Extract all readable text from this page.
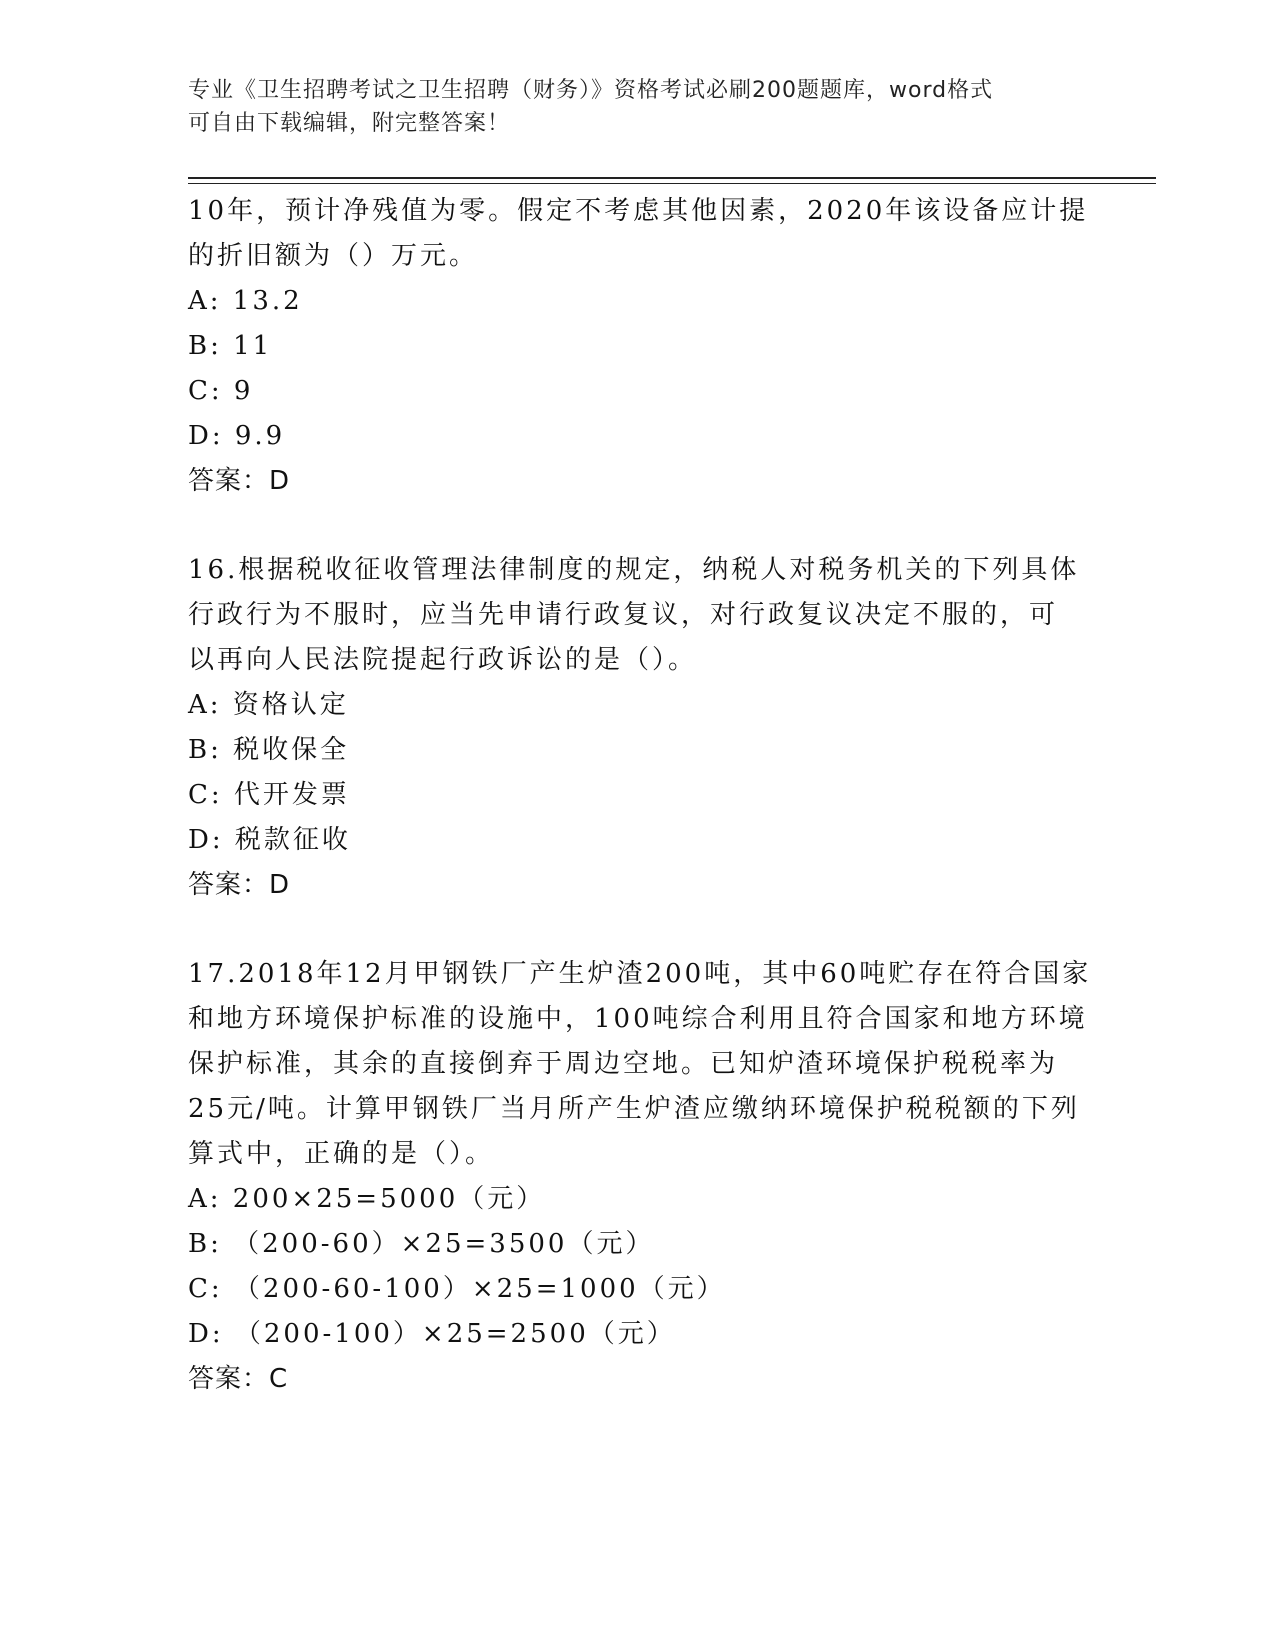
专业《卫生招聘考试之卫生招聘（财务）》资格考试必刷200题题库，word格式
可自由下载编辑，附完整答案！
10年，预计净残值为零。假定不考虑其他因素，2020年该设备应计提
的折旧额为（）万元。
A: 13.2
B: 11
C: 9
D: 9.9
答案：D
16.根据税收征收管理法律制度的规定，纳税人对税务机关的下列具体
行政行为不服时，应当先申请行政复议，对行政复议决定不服的，可
以再向人民法院提起行政诉讼的是（）。
A: 资格认定
B: 税收保全
C: 代开发票
D: 税款征收
答案：D
17.2018年12月甲钢铁厂产生炉渣200吨，其中60吨贮存在符合国家
和地方环境保护标准的设施中，100吨综合利用且符合国家和地方环境
保护标准，其余的直接倒弃于周边空地。已知炉渣环境保护税税率为
25元/吨。计算甲钢铁厂当月所产生炉渣应缴纳环境保护税税额的下列
算式中，正确的是（）。
A: 200×25=5000（元）
B: （200-60）×25=3500（元）
C: （200-60-100）×25=1000（元）
D: （200-100）×25=2500（元）
答案：C
